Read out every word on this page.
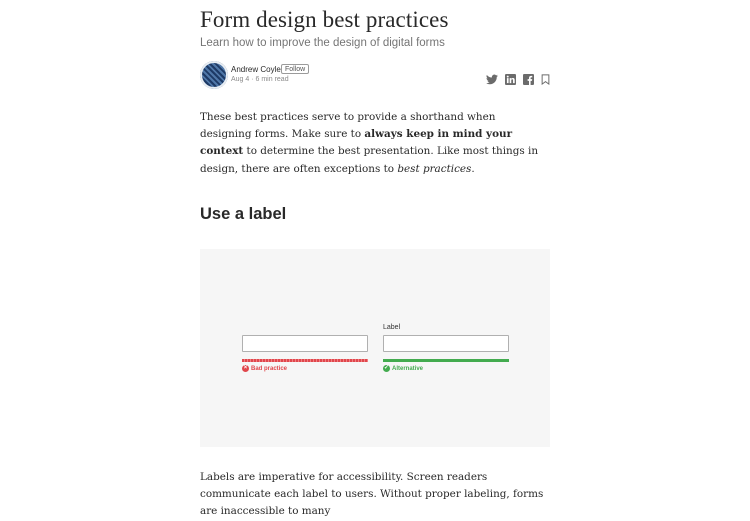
Form design best practices
Learn how to improve the design of digital forms
Andrew Coyle Follow
Aug 4 · 6 min read

These best practices serve to provide a shorthand when designing forms. Make sure to always keep in mind your context to determine the best presentation. Like most things in design, there are often exceptions to best practices.

Use a label
× Bad practice
Label
✓ Alternative

Labels are imperative for accessibility. Screen readers communicate each label to users. Without proper labeling, forms are inaccessible to many
